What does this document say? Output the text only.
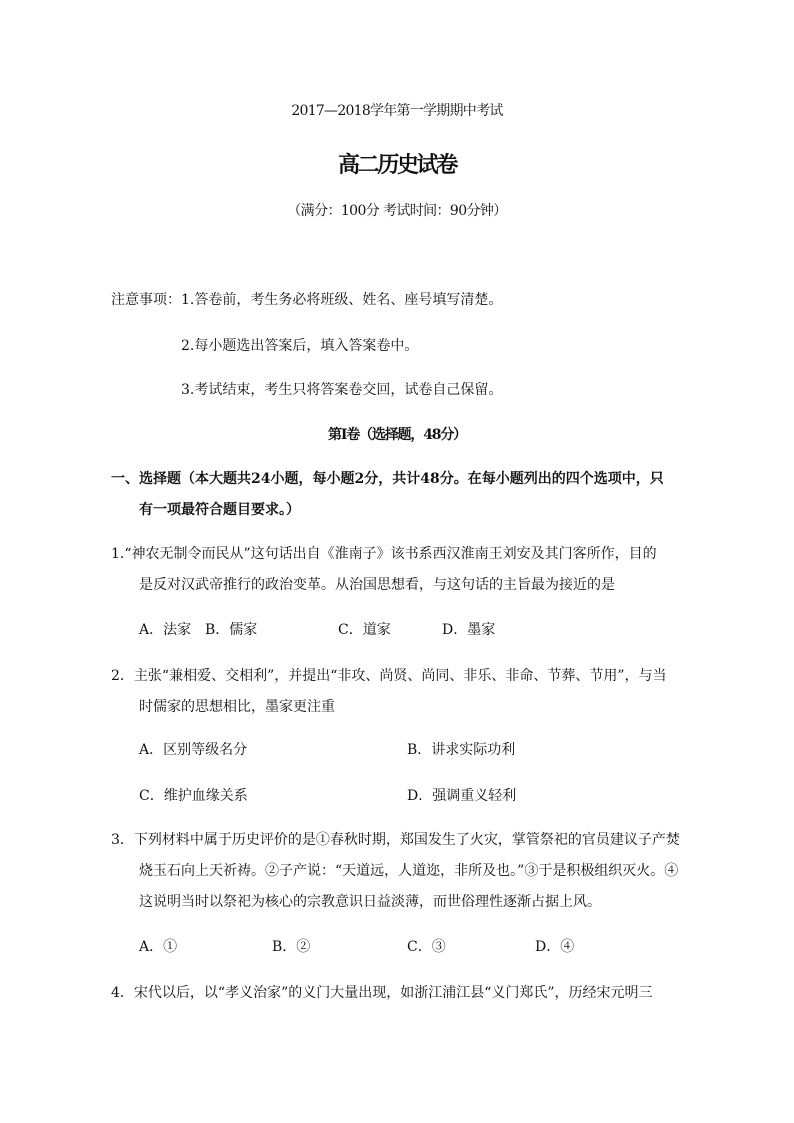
2017—2018学年第一学期期中考试
高二历史试卷
（满分：100分 考试时间：90分钟）
注意事项： 1.答卷前，考生务必将班级、姓名、座号填写清楚。
2.每小题选出答案后，填入答案卷中。
3.考试结束，考生只将答案卷交回，试卷自己保留。
第Ⅰ卷（选择题，48分）
一、选择题（本大题共24小题，每小题2分，共计48分。在每小题列出的四个选项中，只
有一项最符合题目要求。）
1.“神农无制令而民从”这句话出自《淮南子》该书系西汉淮南王刘安及其门客所作，目的
是反对汉武帝推行的政治变革。从治国思想看，与这句话的主旨最为接近的是
A．法家 B．儒家	C．道家	D．墨家
2．主张“兼相爱、交相利”，并提出“非攻、尚贤、尚同、非乐、非命、节葬、节用”，与当
时儒家的思想相比，墨家更注重
A．区别等级名分	B．讲求实际功利
C．维护血缘关系	D．强调重义轻利
3．下列材料中属于历史评价的是①春秋时期，郑国发生了火灾，掌管祭祀的官员建议子产焚
烧玉石向上天祈祷。②子产说：“天道远，人道迩，非所及也。”③于是积极组织灭火。④
这说明当时以祭祀为核心的宗教意识日益淡薄，而世俗理性逐渐占据上风。
A．①	B．②	C．③	D．④
4．宋代以后，以“孝义治家”的义门大量出现，如浙江浦江县“义门郑氏”，历经宋元明三
